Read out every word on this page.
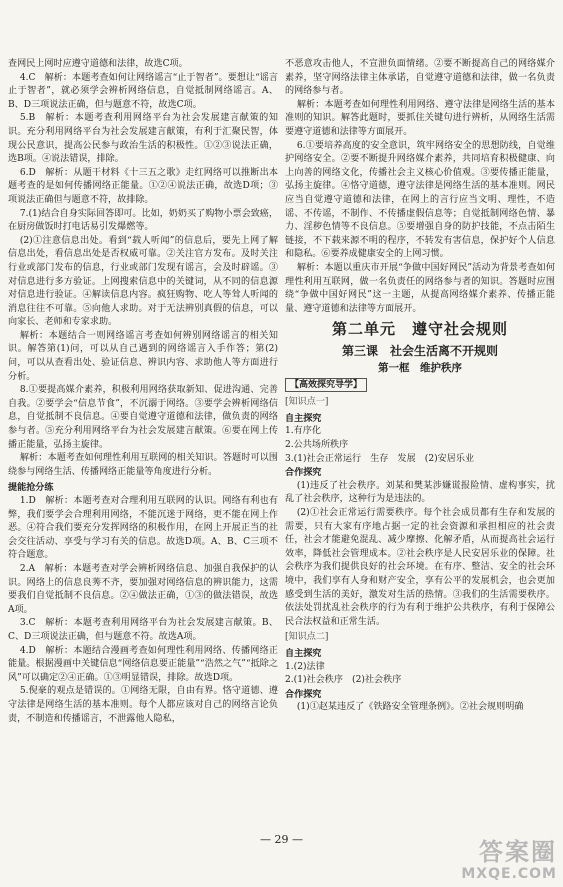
查网民上网时应遵守道德和法律，故选C项。

4.C　解析：本题考查如何让网络谣言“止于智者”。要想让“谣言止于智者”，就必须学会辨析网络信息，自觉抵制网络谣言。A、B、D三项说法正确，但与题意不符，故选C项。

5.B　解析：本题考查利用网络平台为社会发展建言献策的知识。充分利用网络平台为社会发展建言献策，有利于汇聚民智，体现公民意识，提高公民参与政治生活的积极性。①②③说法正确，选B项。④说法错误，排除。

6.D　解析：从题干材料《十三五之歌》走红网络可以推断出本题考查的是如何传播网络正能量。①②④说法正确，故选D项；③项说法正确但与题意不符，故排除。

7.(1)结合自身实际回答即可。比如，奶奶买了购物小票会致癌，在厨房做饭时打电话易引发爆燃等。

(2)①注意信息出处。看到“载人听闻”的信息后，要先上网了解信息出处，看信息出处是否权威可靠。②关注官方发布。及时关注行业或部门发布的信息，行业或部门发现有谣言，会及时辟谣。③对信息进行多方验证。上网搜索信息中的关键词，从不同的信息源对信息进行验证。④解读信息内容。疯狂购物、吃人等耸人听闻的消息往往不可靠。⑤向他人求助。对于无法辨别真假的信息，可以向家长、老师和专家求助。

解析：本题结合一则网络谣言考查如何辨别网络谣言的相关知识。解答第(1)问，可以从自己遇到的网络谣言入手作答；第(2)问，可以从查看出处、验证信息、辨识内容、求助他人等方面进行分析。

8.①要提高媒介素养，积极利用网络获取新知、促进沟通、完善自我。②要学会“信息节食”，不沉溺于网络。③要学会辨析网络信息，自觉抵制不良信息。④要自觉遵守道德和法律，做负责的网络参与者。⑤充分利用网络平台为社会发展建言献策。⑥要在网上传播正能量，弘扬主旋律。

解析：本题考查如何理性利用互联网的相关知识。答题时可以围绕参与网络生活、传播网络正能量等角度进行分析。

提能抢分练

1.D　解析：本题考查对合理利用互联网的认识。网络有利也有弊，我们要学会合理利用网络，不能沉迷于网络，更不能在网上作恶。④符合我们要充分发挥网络的积极作用，在网上开展正当的社会交往活动、享受与学习有关的信息。故选D项。A、B、C三项不符合题意。

2.A　解析：本题考查对学会辨析网络信息、加强自我保护的认识。网络上的信息良莠不齐，要加强对网络信息的辨识能力，这需要我们自觉抵制不良信息。②④做法正确，①③的做法错误，故选A项。

3.C　解析：本题考查利用网络平台为社会发展建言献策。B、C、D三项说法正确，但与题意不符。故选A项。

4.D　解析：本题结合漫画考查如何理性利用网络、传播网络正能量。根据漫画中关键信息“网络信息要正能量”“浩然之气”“抵除之风”可以确定②④正确。①③明显错误，排除。故选D项。

5.倪豪的观点是错误的。①网络无限，自由有界。恪守道德、遵守法律是网络生活的基本准则。每个人都应该对自己的网络言论负责，不制造和传播谣言，不泄露他人隐私，

不恶意攻击他人，不宣泄负面情绪。②要不断提高自己的网络媒介素养，坚守网络法律主体承诺，自觉遵守道德和法律，做一名负责的网络参与者。

解析：本题考查如何理性利用网络、遵守法律是网络生活的基本准则的知识。解答此题时，要抓住关键句进行辨析，从网络生活需要遵守道德和法律等方面展开。

6.①要培养高度的安全意识，筑牢网络安全的思想防线，自觉维护网络安全。②要不断提升网络媒介素养，共同培育积极健康、向上向善的网络文化，传播社会主义核心价值观。③要传播正能量，弘扬主旋律。④恪守道德，遵守法律是网络生活的基本准则。网民应当自觉遵守道德和法律，在网上的言行应当文明、理性，不造谣、不传谣，不制作、不传播虚假信息等；自觉抵制网络色情、暴力、淫秽色情等不良信息。⑤要增强自身的防护技能，不点击陌生链接，不下载来源不明的程序，不转发有害信息，保护好个人信息和隐私。⑥要养成健康安全的上网习惯。

解析：本题以重庆市开展“争做中国好网民”活动为背景考查如何理性利用互联网，做一名负责任的网络参与者的知识。答题时应围绕“争做中国好网民”这一主题，从提高网络媒介素养、传播正能量、遵守道德和法律等方面展开。

第二单元　遵守社会规则

第三课　社会生活离不开规则

第一框　维护秩序

【高效探究导学】

[知识点一]

自主探究

1.有序化

2.公共场所秩序

3.(1)社会正常运行　生存　发展　(2)安居乐业

合作探究

(1)违反了社会秩序。刘某和樊某涉嫌谎报险情、虚构事实，扰乱了社会秩序，这种行为是违法的。

(2)①社会正常运行需要秩序。每个社会成员都有生存和发展的需要，只有大家有序地占据一定的社会资源和承担相应的社会责任，社会才能避免混乱、减少摩擦、化解矛盾，从而提高社会运行效率，降低社会管理成本。②社会秩序是人民安居乐业的保障。社会秩序为我们提供良好的社会环境。在有序、整洁、安全的社会环境中，我们享有人身和财产安全，享有公平的发展机会，也会更加感受到生活的美好，激发对生活的热情。③我们的生活需要秩序。依法处罚扰乱社会秩序的行为有利于维护公共秩序，有利于保障公民合法权益和正常生活。

[知识点二]

自主探究

1.(2)法律

2.(1)社会秩序　(2)社会秩序

合作探究

(1)①赵某违反了《铁路安全管理条例》。②社会规则明确

— 29 —	答案圈
MXQE.COM
